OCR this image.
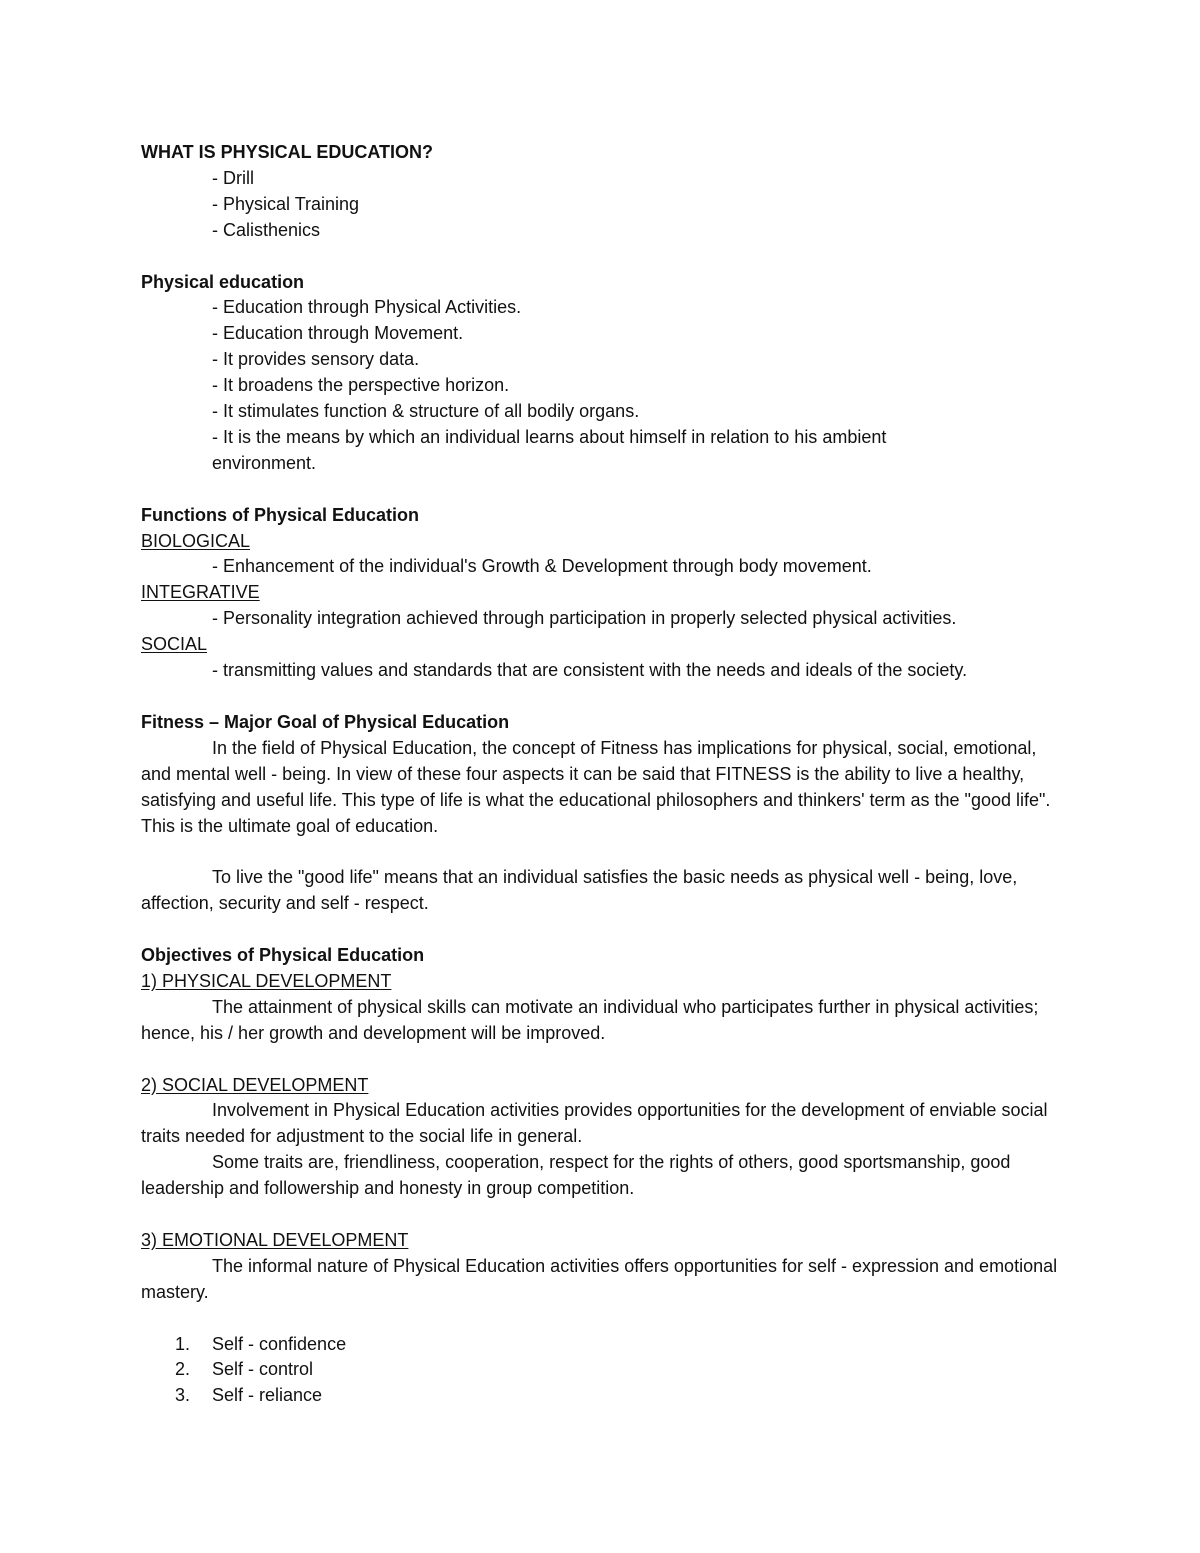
WHAT IS PHYSICAL EDUCATION?
- Drill
- Physical Training
- Calisthenics
Physical education
- Education through Physical Activities.
- Education through Movement.
- It provides sensory data.
- It broadens the perspective horizon.
- It stimulates function & structure of all bodily organs.
- It is the means by which an individual learns about himself in relation to his ambient
environment.
Functions of Physical Education
BIOLOGICAL
- Enhancement of the individual's Growth & Development through body movement.
INTEGRATIVE
- Personality integration achieved through participation in properly selected physical activities.
SOCIAL
- transmitting values and standards that are consistent with the needs and ideals of the society.
Fitness – Major Goal of Physical Education

In the field of Physical Education, the concept of Fitness has implications for physical, social, emotional, and mental well - being. In view of these four aspects it can be said that FITNESS is the ability to live a healthy, satisfying and useful life. This type of life is what the educational philosophers and thinkers' term as the "good life". This is the ultimate goal of education.

To live the "good life" means that an individual satisfies the basic needs as physical well - being, love, affection, security and self - respect.

Objectives of Physical Education
1) PHYSICAL DEVELOPMENT

The attainment of physical skills can motivate an individual who participates further in physical activities; hence, his / her growth and development will be improved.

2) SOCIAL DEVELOPMENT

Involvement in Physical Education activities provides opportunities for the development of enviable social traits needed for adjustment to the social life in general.

Some traits are, friendliness, cooperation, respect for the rights of others, good sportsmanship, good leadership and followership and honesty in group competition.

3) EMOTIONAL DEVELOPMENT

The informal nature of Physical Education activities offers opportunities for self - expression and emotional mastery.

1. Self - confidence
2. Self - control
3. Self - reliance
